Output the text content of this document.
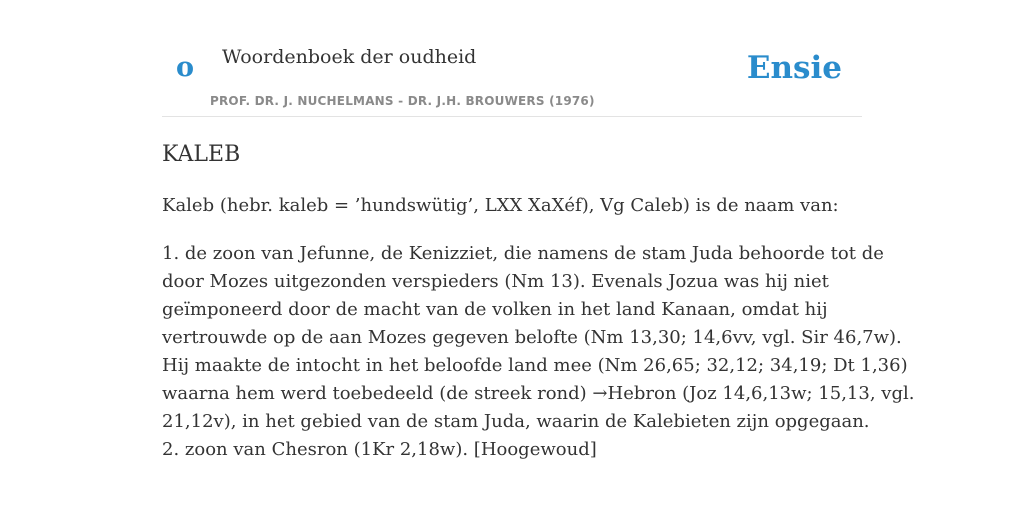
o Woordenboek der oudheid
PROF. DR. J. NUCHELMANS - DR. J.H. BROUWERS (1976)
Ensie
KALEB

Kaleb (hebr. kaleb = ’hundswütig’, LXX XaXéf), Vg Caleb) is de naam van:

1. de zoon van Jefunne, de Kenizziet, die namens de stam Juda behoorde tot de
door Mozes uitgezonden verspieders (Nm 13). Evenals Jozua was hij niet
geïmponeerd door de macht van de volken in het land Kanaan, omdat hij
vertrouwde op de aan Mozes gegeven belofte (Nm 13,30; 14,6vv, vgl. Sir 46,7w).
Hij maakte de intocht in het beloofde land mee (Nm 26,65; 32,12; 34,19; Dt 1,36)
waarna hem werd toebedeeld (de streek rond) →Hebron (Joz 14,6,13w; 15,13, vgl.
21,12v), in het gebied van de stam Juda, waarin de Kalebieten zijn opgegaan.
2. zoon van Chesron (1Kr 2,18w). [Hoogewoud]
